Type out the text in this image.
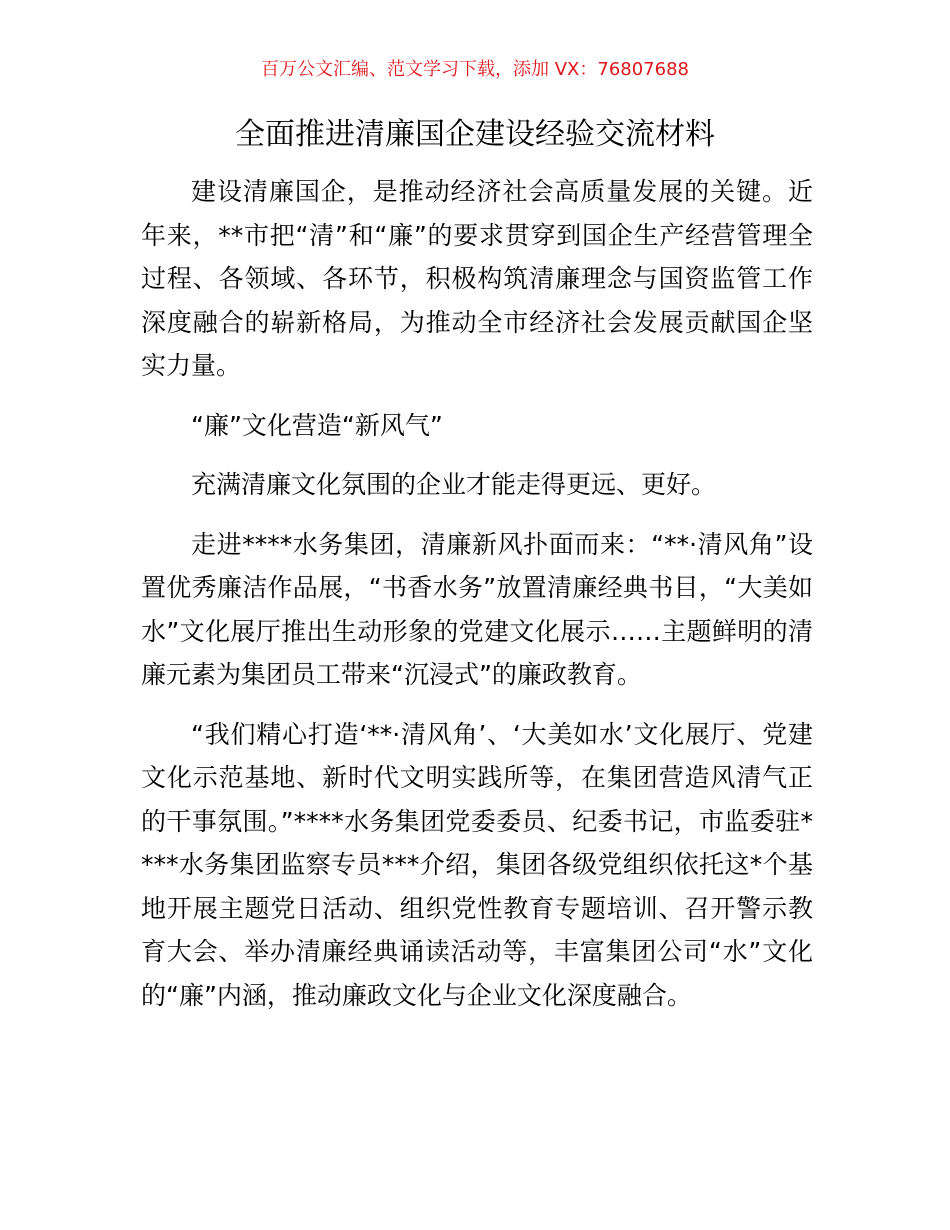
百万公文汇编、范文学习下载，添加 VX：76807688
全面推进清廉国企建设经验交流材料

建设清廉国企，是推动经济社会高质量发展的关键。近年来，**市把“清”和“廉”的要求贯穿到国企生产经营管理全过程、各领域、各环节，积极构筑清廉理念与国资监管工作深度融合的崭新格局，为推动全市经济社会发展贡献国企坚实力量。

“廉”文化营造“新风气”

充满清廉文化氛围的企业才能走得更远、更好。

走进****水务集团，清廉新风扑面而来：“**·清风角”设置优秀廉洁作品展，“书香水务”放置清廉经典书目，“大美如水”文化展厅推出生动形象的党建文化展示……主题鲜明的清廉元素为集团员工带来“沉浸式”的廉政教育。

“我们精心打造‘**·清风角’、‘大美如水’文化展厅、党建文化示范基地、新时代文明实践所等，在集团营造风清气正的干事氛围。”****水务集团党委委员、纪委书记，市监委驻****水务集团监察专员***介绍，集团各级党组织依托这*个基地开展主题党日活动、组织党性教育专题培训、召开警示教育大会、举办清廉经典诵读活动等，丰富集团公司“水”文化的“廉”内涵，推动廉政文化与企业文化深度融合。
